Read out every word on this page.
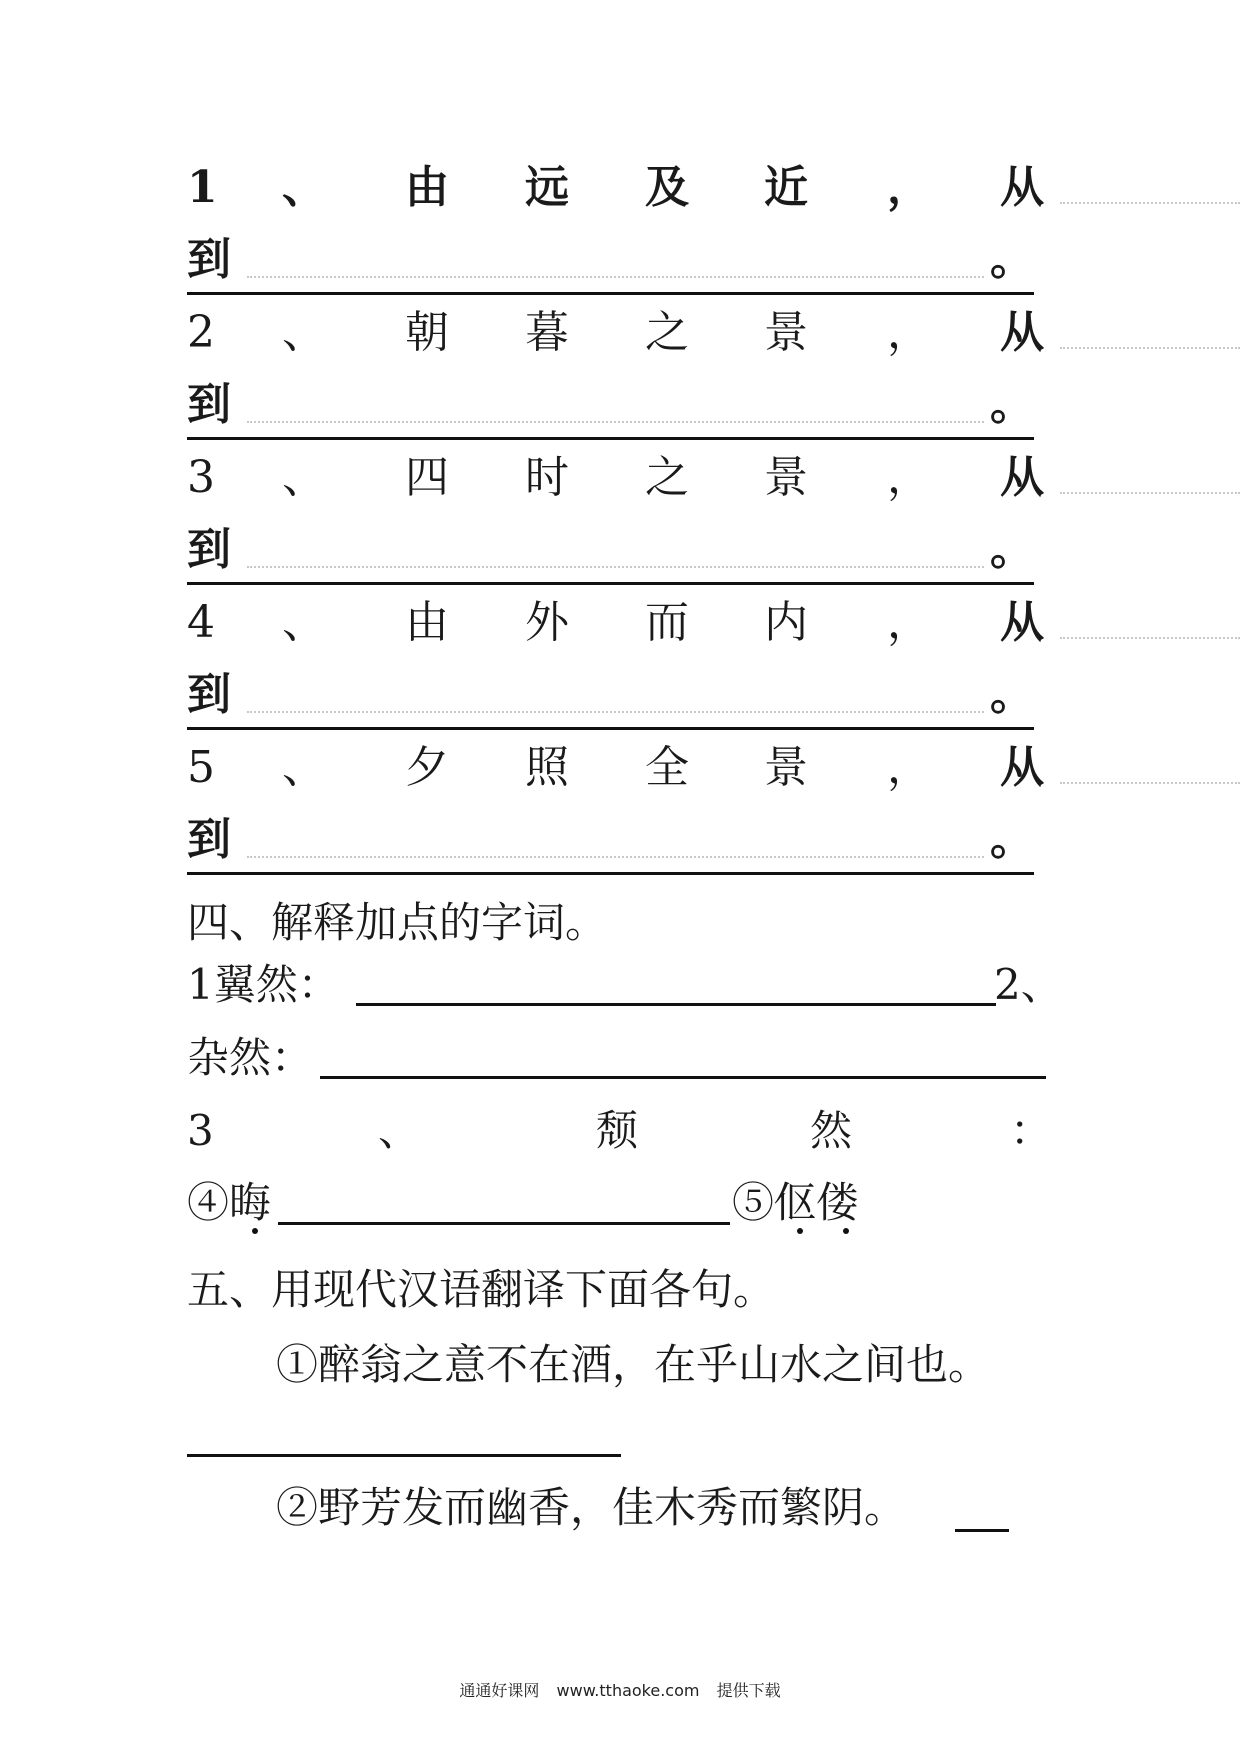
1 、 由 远 及 近 ， 从
到	。
2 、 朝 暮 之 景 ， 从
到	。
3 、 四 时 之 景 ， 从
到	。
4 、 由 外 而 内 ， 从
到	。
5 、 夕 照 全 景 ， 从
到	。
四、解释加点的字词。
1翼然：	2、
杂然：
3	、	颓	然	：
④晦	⑤伛偻
五、用现代汉语翻译下面各句。
①醉翁之意不在酒，在乎山水之间也。
②野芳发而幽香，佳木秀而繁阴。
通通好课网 www.tthaoke.com 提供下载
